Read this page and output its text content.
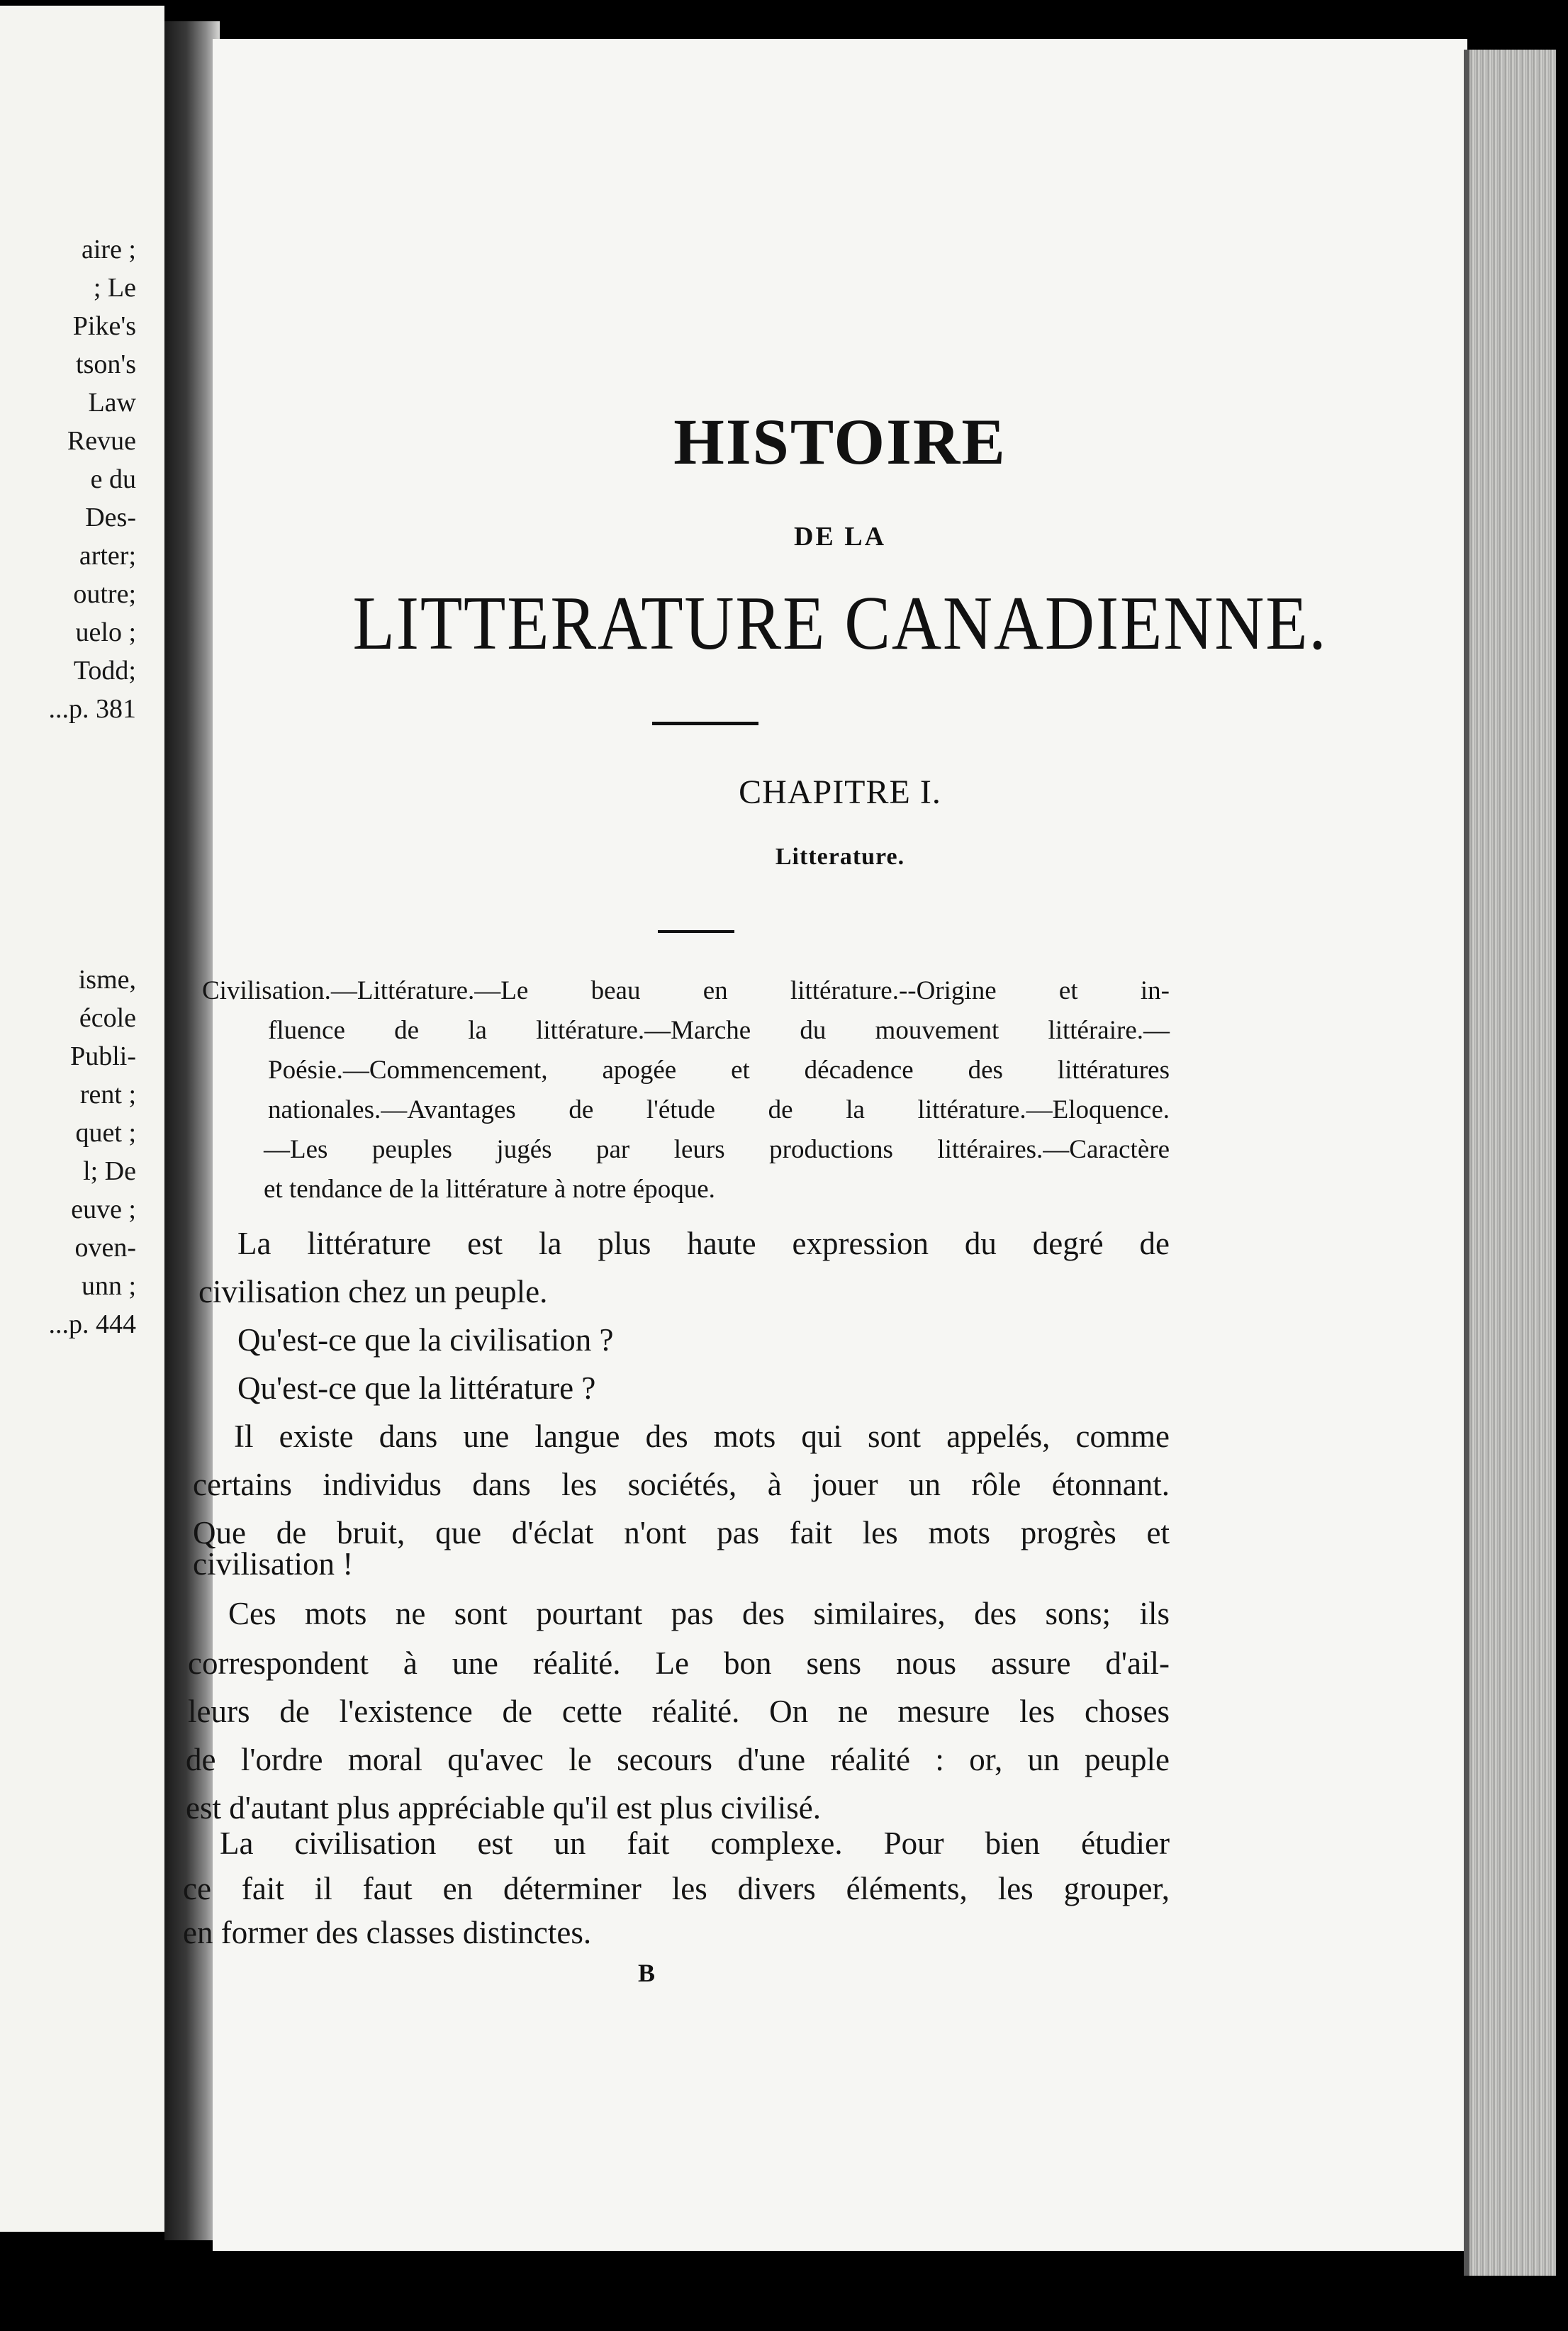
aire ;
; Le
Pike's
tson's
Law
Revue
e du
Des-
arter;
outre;
uelo ;
Todd;
...p. 381
isme,
école
Publi-
rent ;
quet ;
l; De
euve ;
oven-
unn ;
...p. 444
HISTOIRE
DE LA
LITTERATURE CANADIENNE.
CHAPITRE I.
Litterature.
Civilisation.—Littérature.—Le beau en littérature.--Origine et in-
fluence de la littérature.—Marche du mouvement littéraire.—
Poésie.—Commencement, apogée et décadence des littératures
nationales.—Avantages de l'étude de la littérature.—Eloquence.
—Les peuples jugés par leurs productions littéraires.—Caractère
et tendance de la littérature à notre époque.
La littérature est la plus haute expression du degré de
civilisation chez un peuple.
Qu'est-ce que la civilisation ?
Qu'est-ce que la littérature ?
Il existe dans une langue des mots qui sont appelés, comme
certains individus dans les sociétés, à jouer un rôle étonnant.
Que de bruit, que d'éclat n'ont pas fait les mots progrès et
civilisation !
Ces mots ne sont pourtant pas des similaires, des sons; ils
correspondent à une réalité. Le bon sens nous assure d'ail-
leurs de l'existence de cette réalité. On ne mesure les choses
de l'ordre moral qu'avec le secours d'une réalité : or, un peuple
est d'autant plus appréciable qu'il est plus civilisé.
La civilisation est un fait complexe. Pour bien étudier
ce fait il faut en déterminer les divers éléments, les grouper,
en former des classes distinctes.
B
